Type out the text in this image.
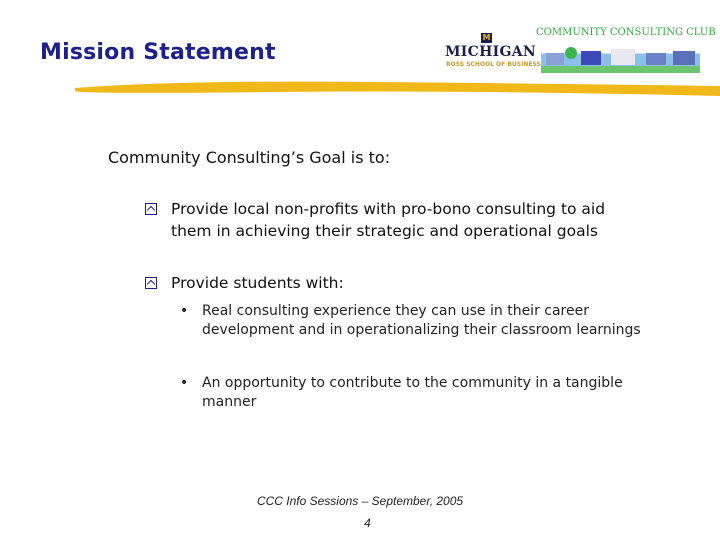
Mission Statement
M
MICHIGAN
ROSS SCHOOL OF BUSINESS
COMMUNITY CONSULTING CLUB
Community Consulting’s Goal is to:
Provide local non-profits with pro-bono consulting to aid them in achieving their strategic and operational goals
Provide students with:
• Real consulting experience they can use in their career development and in operationalizing their classroom learnings
• An opportunity to contribute to the community in a tangible manner
CCC Info Sessions – September, 2005
4
